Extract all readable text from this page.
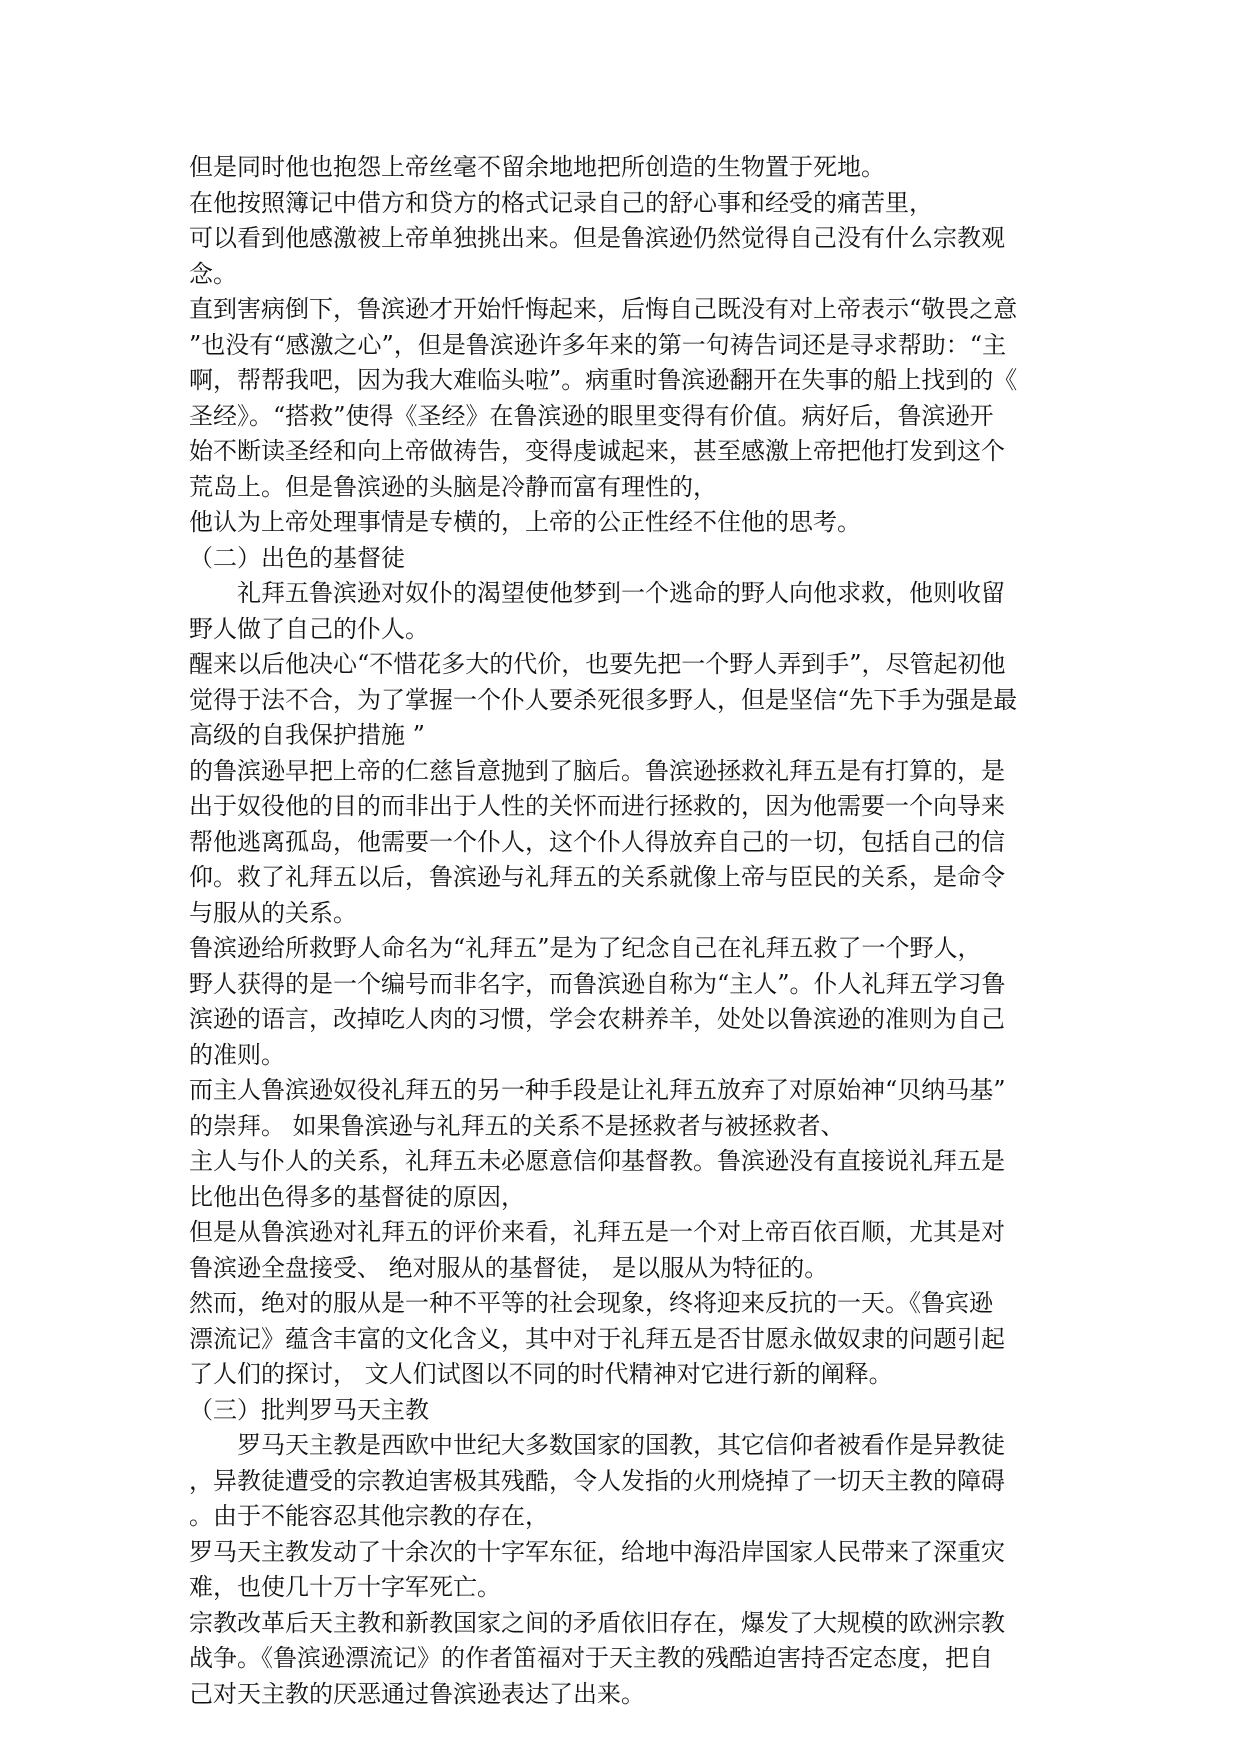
但是同时他也抱怨上帝丝毫不留余地地把所创造的生物置于死地。
在他按照簿记中借方和贷方的格式记录自己的舒心事和经受的痛苦里，
可以看到他感激被上帝单独挑出来。但是鲁滨逊仍然觉得自己没有什么宗教观
念。
直到害病倒下，鲁滨逊才开始忏悔起来，后悔自己既没有对上帝表示“敬畏之意
”也没有“感激之心”，但是鲁滨逊许多年来的第一句祷告词还是寻求帮助：“主
啊，帮帮我吧，因为我大难临头啦”。病重时鲁滨逊翻开在失事的船上找到的《
圣经》。“搭救”使得《圣经》在鲁滨逊的眼里变得有价值。病好后，鲁滨逊开
始不断读圣经和向上帝做祷告，变得虔诚起来，甚至感激上帝把他打发到这个
荒岛上。但是鲁滨逊的头脑是冷静而富有理性的，
他认为上帝处理事情是专横的，上帝的公正性经不住他的思考。
（二）出色的基督徒
礼拜五鲁滨逊对奴仆的渴望使他梦到一个逃命的野人向他求救，他则收留
野人做了自己的仆人。
醒来以后他决心“不惜花多大的代价，也要先把一个野人弄到手”，尽管起初他
觉得于法不合，为了掌握一个仆人要杀死很多野人，但是坚信“先下手为强是最
高级的自我保护措施 ”
的鲁滨逊早把上帝的仁慈旨意抛到了脑后。鲁滨逊拯救礼拜五是有打算的，是
出于奴役他的目的而非出于人性的关怀而进行拯救的，因为他需要一个向导来
帮他逃离孤岛，他需要一个仆人，这个仆人得放弃自己的一切，包括自己的信
仰。救了礼拜五以后，鲁滨逊与礼拜五的关系就像上帝与臣民的关系，是命令
与服从的关系。
鲁滨逊给所救野人命名为“礼拜五”是为了纪念自己在礼拜五救了一个野人，
野人获得的是一个编号而非名字，而鲁滨逊自称为“主人”。仆人礼拜五学习鲁
滨逊的语言，改掉吃人肉的习惯，学会农耕养羊，处处以鲁滨逊的准则为自己
的准则。
而主人鲁滨逊奴役礼拜五的另一种手段是让礼拜五放弃了对原始神“贝纳马基”
的崇拜。 如果鲁滨逊与礼拜五的关系不是拯救者与被拯救者、
主人与仆人的关系，礼拜五未必愿意信仰基督教。鲁滨逊没有直接说礼拜五是
比他出色得多的基督徒的原因，
但是从鲁滨逊对礼拜五的评价来看，礼拜五是一个对上帝百依百顺，尤其是对
鲁滨逊全盘接受、 绝对服从的基督徒， 是以服从为特征的。
然而，绝对的服从是一种不平等的社会现象，终将迎来反抗的一天。《鲁宾逊
漂流记》蕴含丰富的文化含义，其中对于礼拜五是否甘愿永做奴隶的问题引起
了人们的探讨， 文人们试图以不同的时代精神对它进行新的阐释。
（三）批判罗马天主教
罗马天主教是西欧中世纪大多数国家的国教，其它信仰者被看作是异教徒
，异教徒遭受的宗教迫害极其残酷，令人发指的火刑烧掉了一切天主教的障碍
。由于不能容忍其他宗教的存在，
罗马天主教发动了十余次的十字军东征，给地中海沿岸国家人民带来了深重灾
难，也使几十万十字军死亡。
宗教改革后天主教和新教国家之间的矛盾依旧存在，爆发了大规模的欧洲宗教
战争。《鲁滨逊漂流记》的作者笛福对于天主教的残酷迫害持否定态度，把自
己对天主教的厌恶通过鲁滨逊表达了出来。
